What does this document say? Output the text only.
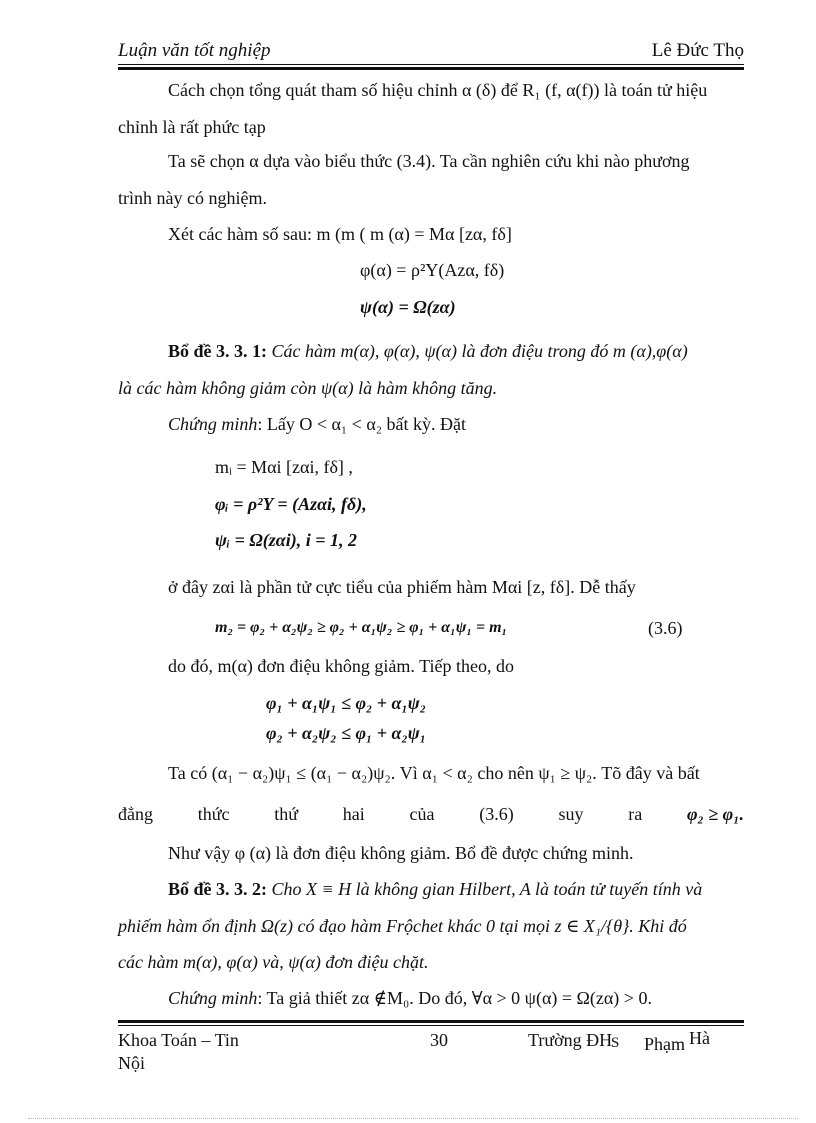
Luận văn tốt nghiệp	Lê Đức Thọ
Cách chọn tổng quát tham số hiệu chỉnh α (δ) để R₁ (f, α(f)) là toán tử hiệu
chỉnh là rất phức tạp
Ta sẽ chọn α dựa vào biểu thức (3.4). Ta cần nghiên cứu khi nào phương
trình này có nghiệm.
Xét các hàm số sau: m (m ( m (α) = Mα [zα, fδ]
φ(α) = ρ²Y(Azα, fδ)
ψ(α) = Ω(zα)
Bổ đề 3. 3. 1: Các hàm m(α), φ(α), ψ(α) là đơn điệu trong đó m (α),φ(α)
là các hàm không giảm còn ψ(α) là hàm không tăng.
Chứng minh: Lấy O < α₁ < α₂ bất kỳ. Đặt
mᵢ = Mαi [zαi, fδ] ,
φᵢ = ρ²Y = (Azαi, fδ),
ψᵢ = Ω(zαi), i = 1, 2
ở đây zαi là phần tử cực tiểu của phiếm hàm Mαi [z, fδ]. Dễ thấy
m₂ = φ₂ + α₂ψ₂ ≥ φ₂ + α₁ψ₂ ≥ φ₁ + α₁ψ₁ = m₁	(3.6)
do đó, m(α) đơn điệu không giảm. Tiếp theo, do
φ₁ + α₁ψ₁ ≤ φ₂ + α₁ψ₂
φ₂ + α₂ψ₂ ≤ φ₁ + α₂ψ₁
Ta có (α₁ − α₂)ψ₁ ≤ (α₁ − α₂)ψ₂. Vì α₁ < α₂ cho nên ψ₁ ≥ ψ₂. Tõ đây và bất
đẳng thức thứ hai của (3.6) suy ra φ₂ ≥ φ₁.
Như vậy φ (α) là đơn điệu không giảm. Bổ đề được chứng minh.
Bổ đề 3. 3. 2: Cho X ≡ H là không gian Hilbert, A là toán tử tuyến tính và
phiếm hàm ổn định Ω(z) có đạo hàm Frộchet khác 0 tại mọi z ∈ X₁/{θ}. Khi đó
các hàm m(α), φ(α) và, ψ(α) đơn điệu chặt.
Chứng minh: Ta giả thiết zα ∉M₀. Do đó, ∀α > 0 ψ(α) = Ω(zα) > 0.
Khoa Toán – Tin
Nội
30	Trường ĐH
S Phạm Hà
